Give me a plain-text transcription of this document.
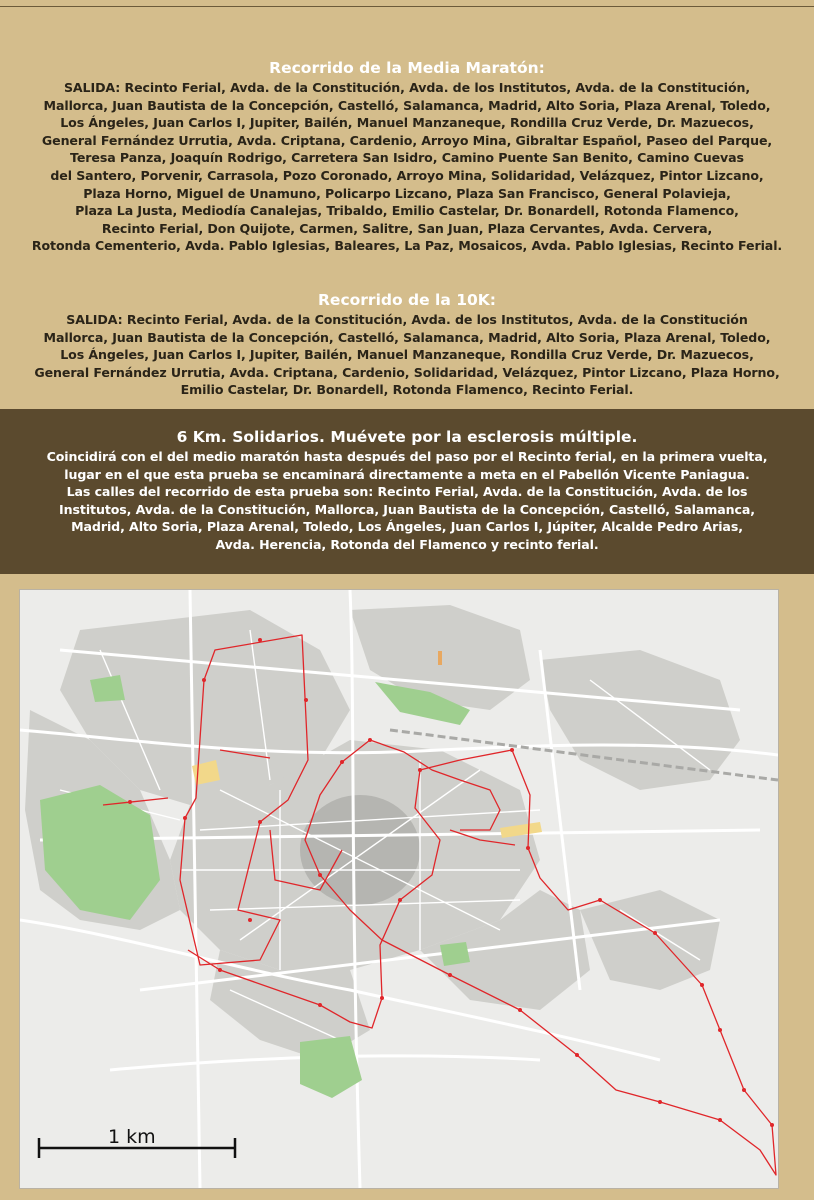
Recorrido de la Media Maratón:
SALIDA: Recinto Ferial, Avda. de la Constitución, Avda. de los Institutos, Avda. de la Constitución,
Mallorca, Juan Bautista de la Concepción, Castelló, Salamanca, Madrid, Alto Soria, Plaza Arenal, Toledo,
Los Ángeles, Juan Carlos I, Jupiter, Bailén, Manuel Manzaneque, Rondilla Cruz Verde, Dr. Mazuecos,
General Fernández Urrutia, Avda. Criptana, Cardenio, Arroyo Mina, Gibraltar Español, Paseo del Parque,
Teresa Panza, Joaquín Rodrigo, Carretera San Isidro, Camino Puente San Benito, Camino Cuevas
del Santero, Porvenir, Carrasola, Pozo Coronado, Arroyo Mina, Solidaridad, Velázquez, Pintor Lizcano,
Plaza Horno, Miguel de Unamuno, Policarpo Lizcano, Plaza San Francisco, General Polavieja,
Plaza La Justa, Mediodía Canalejas, Tribaldo, Emilio Castelar, Dr. Bonardell, Rotonda Flamenco,
Recinto Ferial, Don Quijote, Carmen, Salitre, San Juan, Plaza Cervantes, Avda. Cervera,
Rotonda Cementerio, Avda. Pablo Iglesias, Baleares, La Paz, Mosaicos, Avda. Pablo Iglesias, Recinto Ferial.
Recorrido de la 10K:
SALIDA: Recinto Ferial, Avda. de la Constitución, Avda. de los Institutos, Avda. de la Constitución
Mallorca, Juan Bautista de la Concepción, Castelló, Salamanca, Madrid, Alto Soria, Plaza Arenal, Toledo,
Los Ángeles, Juan Carlos I, Jupiter, Bailén, Manuel Manzaneque, Rondilla Cruz Verde, Dr. Mazuecos,
General Fernández Urrutia, Avda. Criptana, Cardenio, Solidaridad, Velázquez, Pintor Lizcano, Plaza Horno,
Emilio Castelar, Dr. Bonardell, Rotonda Flamenco, Recinto Ferial.
6 Km. Solidarios. Muévete por la esclerosis múltiple.
Coincidirá con el del medio maratón hasta después del paso por el Recinto ferial, en la primera vuelta,
lugar en el que esta prueba se encaminará directamente a meta en el Pabellón Vicente Paniagua.
Las calles del recorrido de esta prueba son: Recinto Ferial, Avda. de la Constitución, Avda. de los
Institutos, Avda. de la Constitución, Mallorca, Juan Bautista de la Concepción, Castelló, Salamanca,
Madrid, Alto Soria, Plaza Arenal, Toledo, Los Ángeles, Juan Carlos I, Júpiter, Alcalde Pedro Arias,
Avda. Herencia, Rotonda del Flamenco y recinto ferial.
1 km
